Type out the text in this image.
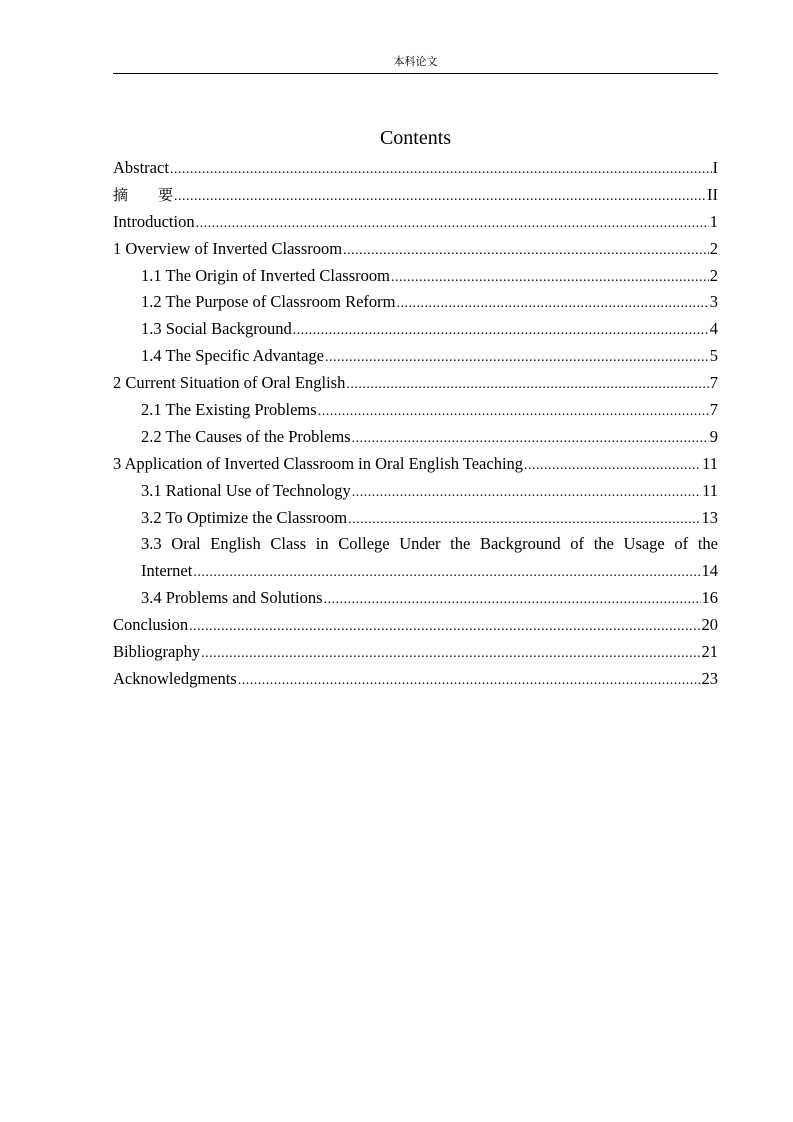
本科论文
Contents
Abstract .....	I
摘　　要 .....	II
Introduction .....	1
1 Overview of Inverted Classroom .....	2
1.1 The Origin of Inverted Classroom .....	2
1.2 The Purpose of Classroom Reform .....	3
1.3 Social Background .....	4
1.4 The Specific Advantage .....	5
2 Current Situation of Oral English .....	7
2.1 The Existing Problems .....	7
2.2 The Causes of the Problems .....	9
3 Application of Inverted Classroom in Oral English Teaching .....	11
3.1 Rational Use of Technology .....	11
3.2 To Optimize the Classroom .....	13
3.3 Oral English Class in College Under the Background of the Usage of the
Internet .....	14
3.4 Problems and Solutions .....	16
Conclusion .....	20
Bibliography .....	21
Acknowledgments .....	23
